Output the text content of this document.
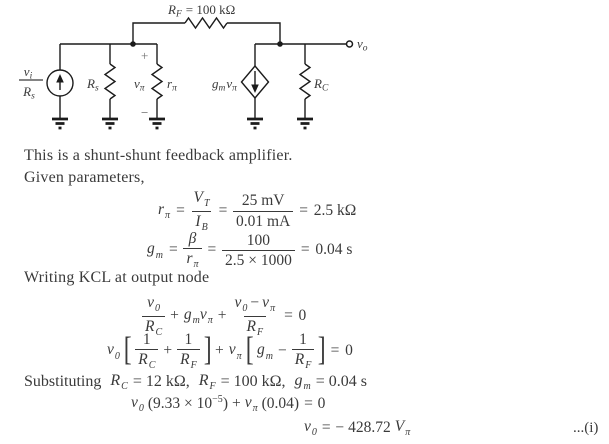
RF = 100 kΩ
vi
Rs
Rs
+
vπ rπ
−
gmvπ	RC
vo
This is a shunt-shunt feedback amplifier.
Given parameters,
$r_\pi = \frac{V_T}{I_B} = \frac{25 mV}{0.01 mA} = 2.5$ kΩ
$g_m = \frac{\beta}{r_\pi} = \frac{100}{2.5 \times 1000} = 0.04$ s
Writing KCL at output node
$\frac{v_0}{R_C} + g_mv_\pi + \frac{v_0 - v_\pi}{R_F} = 0$
$v_0$ [ $\frac{1}{R_C} + \frac{1}{R_F}$ ] + $v_\pi$ [ $g_m - \frac{1}{R_F}$ ] = 0
Substituting $R_C = 12$ kΩ, $R_F = 100$ kΩ, $g_m = 0.04$ s
$v_0$ $(9.33 \times 10^{-5}) + v_\pi$ (0.04) = 0
$v_0$ = − 428.72 $V_\pi$	...(i)
